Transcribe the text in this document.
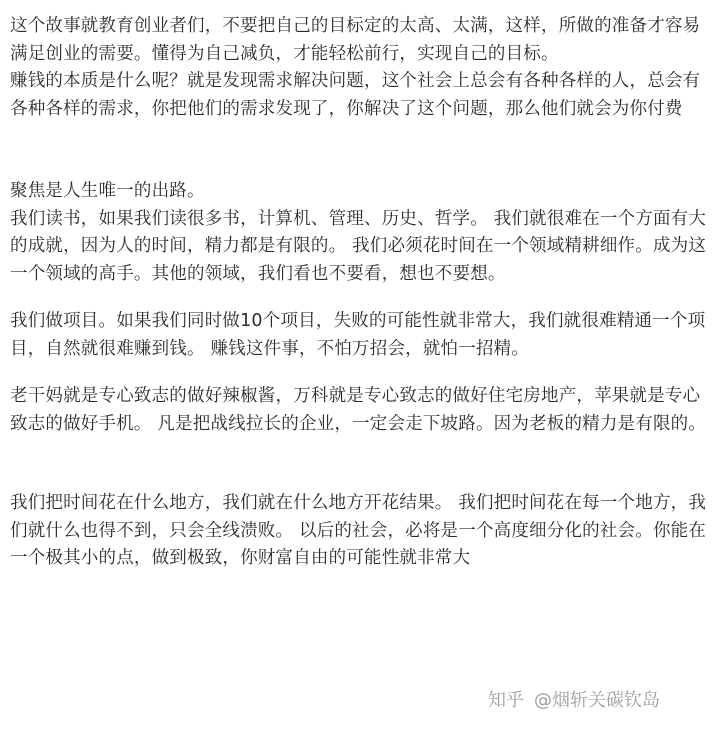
这个故事就教育创业者们，不要把自己的目标定的太高、太满，这样，所做的准备才容易满足创业的需要。懂得为自己减负，才能轻松前行，实现自己的目标。

赚钱的本质是什么呢？就是发现需求解决问题，这个社会上总会有各种各样的人，总会有各种各样的需求，你把他们的需求发现了，你解决了这个问题，那么他们就会为你付费

聚焦是人生唯一的出路。

我们读书，如果我们读很多书，计算机、管理、历史、哲学。 我们就很难在一个方面有大的成就，因为人的时间，精力都是有限的。 我们必须花时间在一个领域精耕细作。成为这一个领域的高手。其他的领域，我们看也不要看，想也不要想。

我们做项目。如果我们同时做10个项目，失败的可能性就非常大，我们就很难精通一个项目，自然就很难赚到钱。 赚钱这件事，不怕万招会，就怕一招精。

老干妈就是专心致志的做好辣椒酱，万科就是专心致志的做好住宅房地产，苹果就是专心致志的做好手机。 凡是把战线拉长的企业，一定会走下坡路。因为老板的精力是有限的。

我们把时间花在什么地方，我们就在什么地方开花结果。 我们把时间花在每一个地方，我们就什么也得不到，只会全线溃败。 以后的社会，必将是一个高度细分化的社会。你能在一个极其小的点，做到极致，你财富自由的可能性就非常大

知乎 @烟斩关碳钦岛
